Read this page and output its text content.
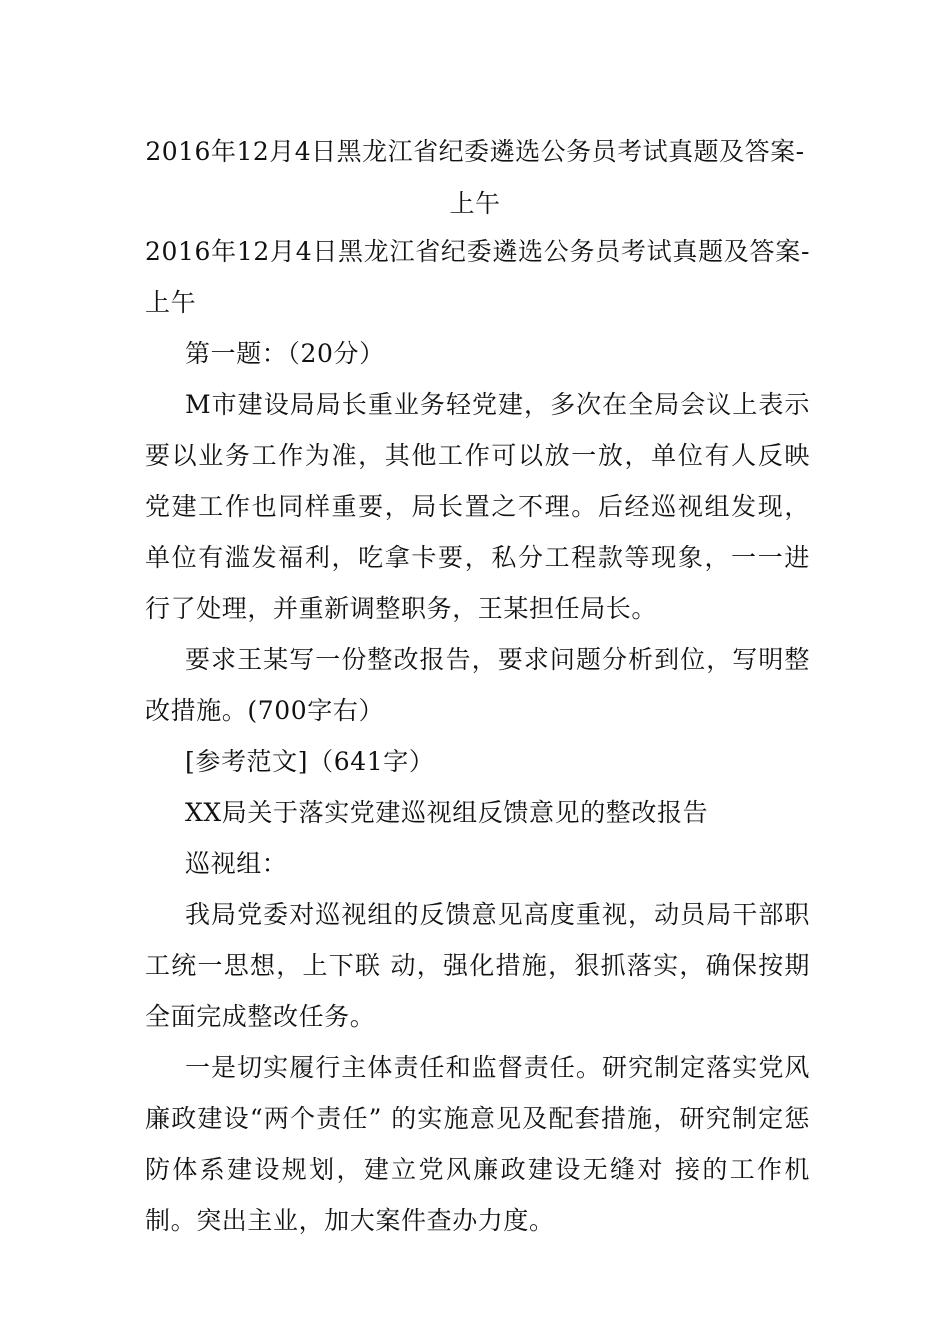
2016年12月4日黑龙江省纪委遴选公务员考试真题及答案-上午

2016年12月4日黑龙江省纪委遴选公务员考试真题及答案-上午

第一题：（20分）

M市建设局局长重业务轻党建，多次在全局会议上表示要以业务工作为准，其他工作可以放一放，单位有人反映党建工作也同样重要，局长置之不理。后经巡视组发现，单位有滥发福利，吃拿卡要，私分工程款等现象，一一进行了处理，并重新调整职务，王某担任局长。

要求王某写一份整改报告，要求问题分析到位，写明整改措施。(700字右）

[参考范文]（641字）

XX局关于落实党建巡视组反馈意见的整改报告

巡视组：

我局党委对巡视组的反馈意见高度重视，动员局干部职工统一思想，上下联 动，强化措施，狠抓落实，确保按期全面完成整改任务。

一是切实履行主体责任和监督责任。研究制定落实党风廉政建设“两个责任” 的实施意见及配套措施，研究制定惩防体系建设规划，建立党风廉政建设无缝对 接的工作机制。突出主业，加大案件查办力度。
